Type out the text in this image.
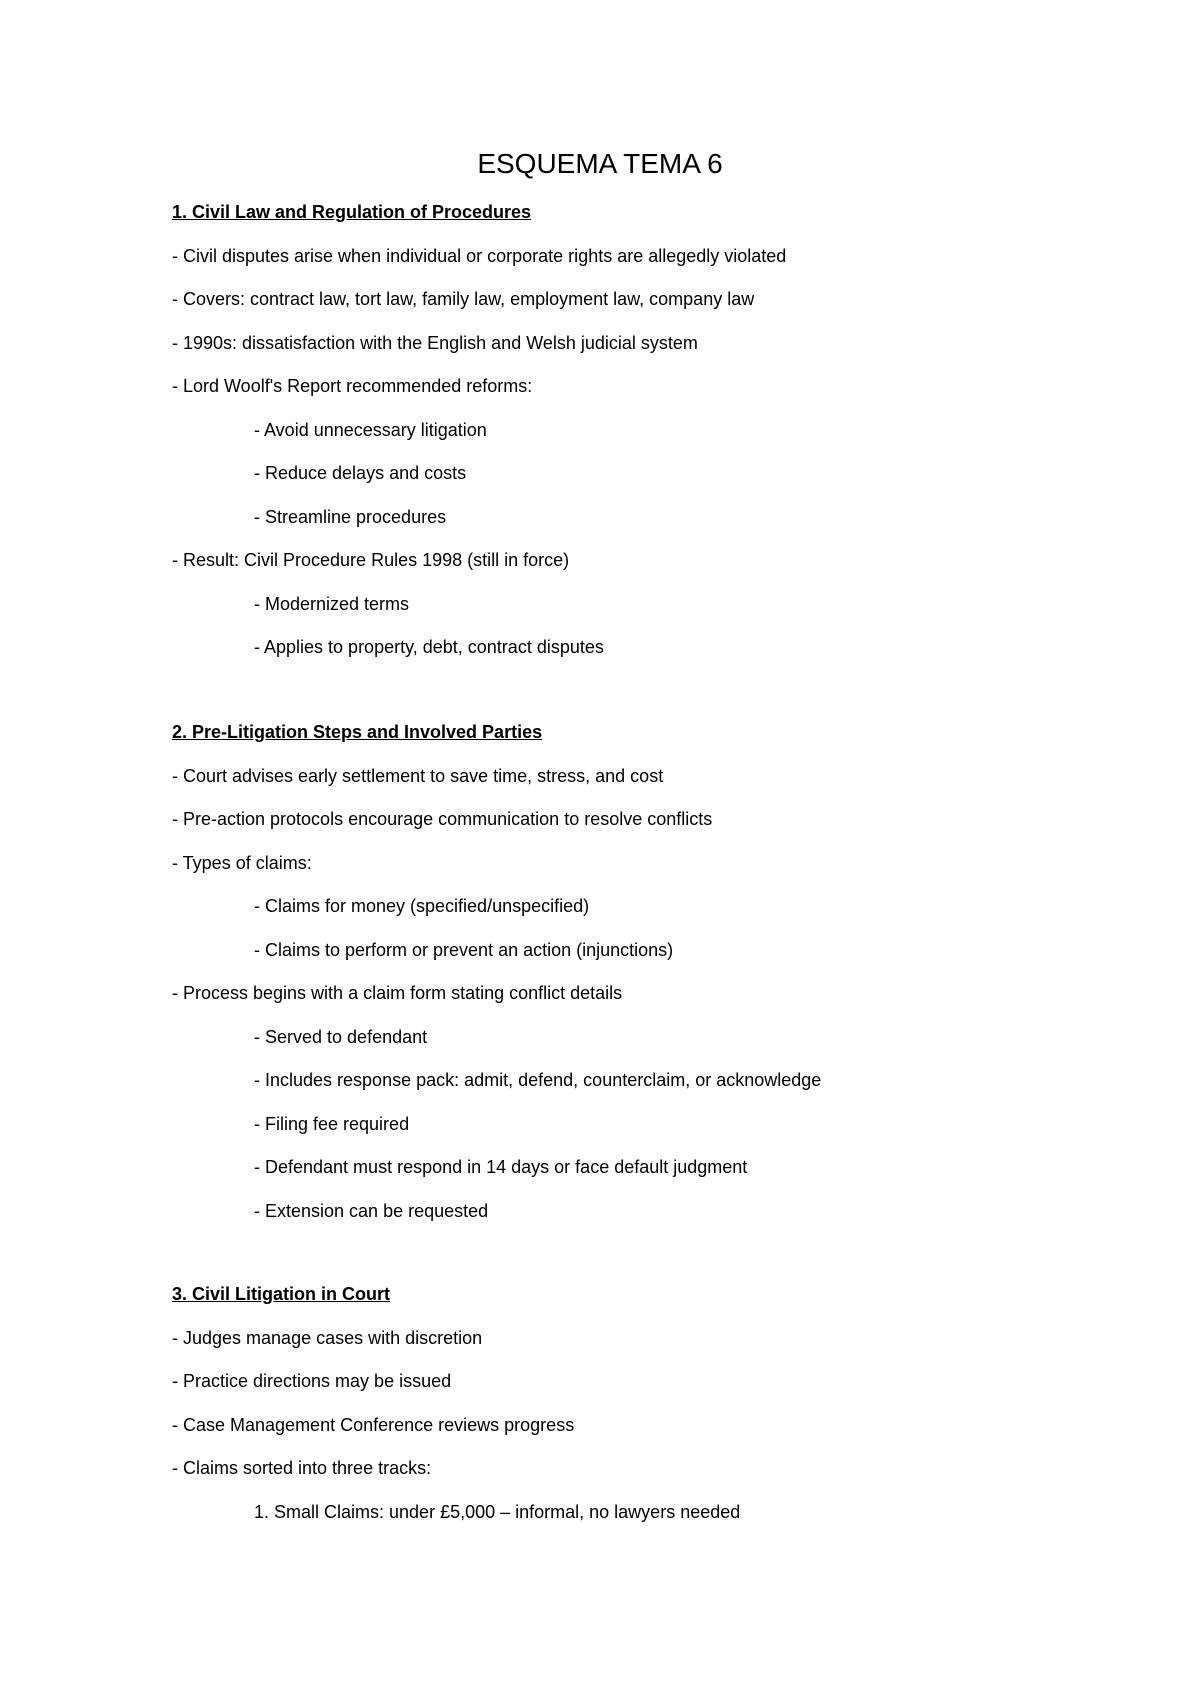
ESQUEMA TEMA 6
1. Civil Law and Regulation of Procedures
- Civil disputes arise when individual or corporate rights are allegedly violated
- Covers: contract law, tort law, family law, employment law, company law
- 1990s: dissatisfaction with the English and Welsh judicial system
- Lord Woolf's Report recommended reforms:
- Avoid unnecessary litigation
- Reduce delays and costs
- Streamline procedures
- Result: Civil Procedure Rules 1998 (still in force)
- Modernized terms
- Applies to property, debt, contract disputes
2. Pre-Litigation Steps and Involved Parties
- Court advises early settlement to save time, stress, and cost
- Pre-action protocols encourage communication to resolve conflicts
- Types of claims:
- Claims for money (specified/unspecified)
- Claims to perform or prevent an action (injunctions)
- Process begins with a claim form stating conflict details
- Served to defendant
- Includes response pack: admit, defend, counterclaim, or acknowledge
- Filing fee required
- Defendant must respond in 14 days or face default judgment
- Extension can be requested
3. Civil Litigation in Court
- Judges manage cases with discretion
- Practice directions may be issued
- Case Management Conference reviews progress
- Claims sorted into three tracks:
1. Small Claims: under £5,000 – informal, no lawyers needed
